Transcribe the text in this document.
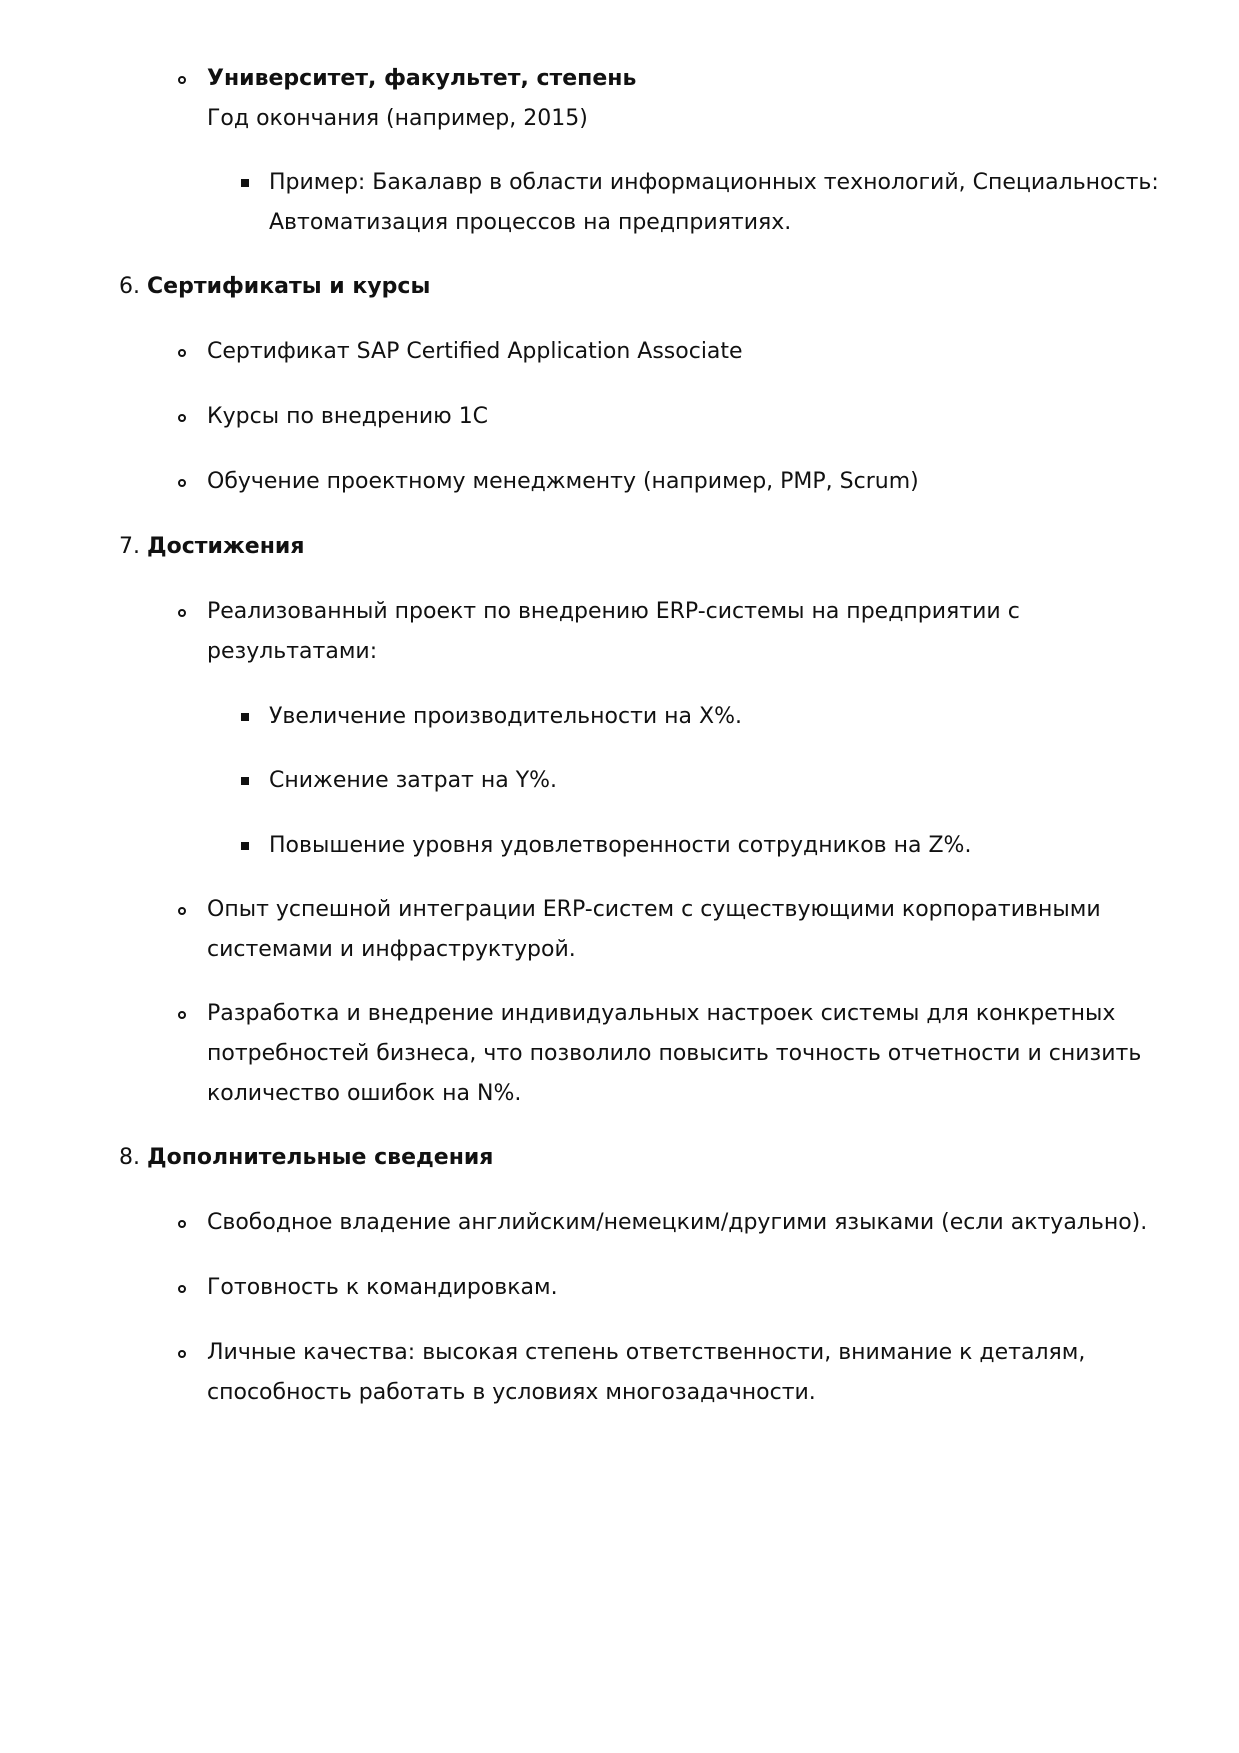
Университет, факультет, степень
Год окончания (например, 2015)
Пример: Бакалавр в области информационных технологий, Специальность:
Автоматизация процессов на предприятиях.
6. Сертификаты и курсы
Сертификат SAP Certified Application Associate
Курсы по внедрению 1С
Обучение проектному менеджменту (например, PMP, Scrum)
7. Достижения
Реализованный проект по внедрению ERP-системы на предприятии с
результатами:
Увеличение производительности на X%.
Снижение затрат на Y%.
Повышение уровня удовлетворенности сотрудников на Z%.
Опыт успешной интеграции ERP-систем с существующими корпоративными
системами и инфраструктурой.
Разработка и внедрение индивидуальных настроек системы для конкретных
потребностей бизнеса, что позволило повысить точность отчетности и снизить
количество ошибок на N%.
8. Дополнительные сведения
Свободное владение английским/немецким/другими языками (если актуально).
Готовность к командировкам.
Личные качества: высокая степень ответственности, внимание к деталям,
способность работать в условиях многозадачности.
